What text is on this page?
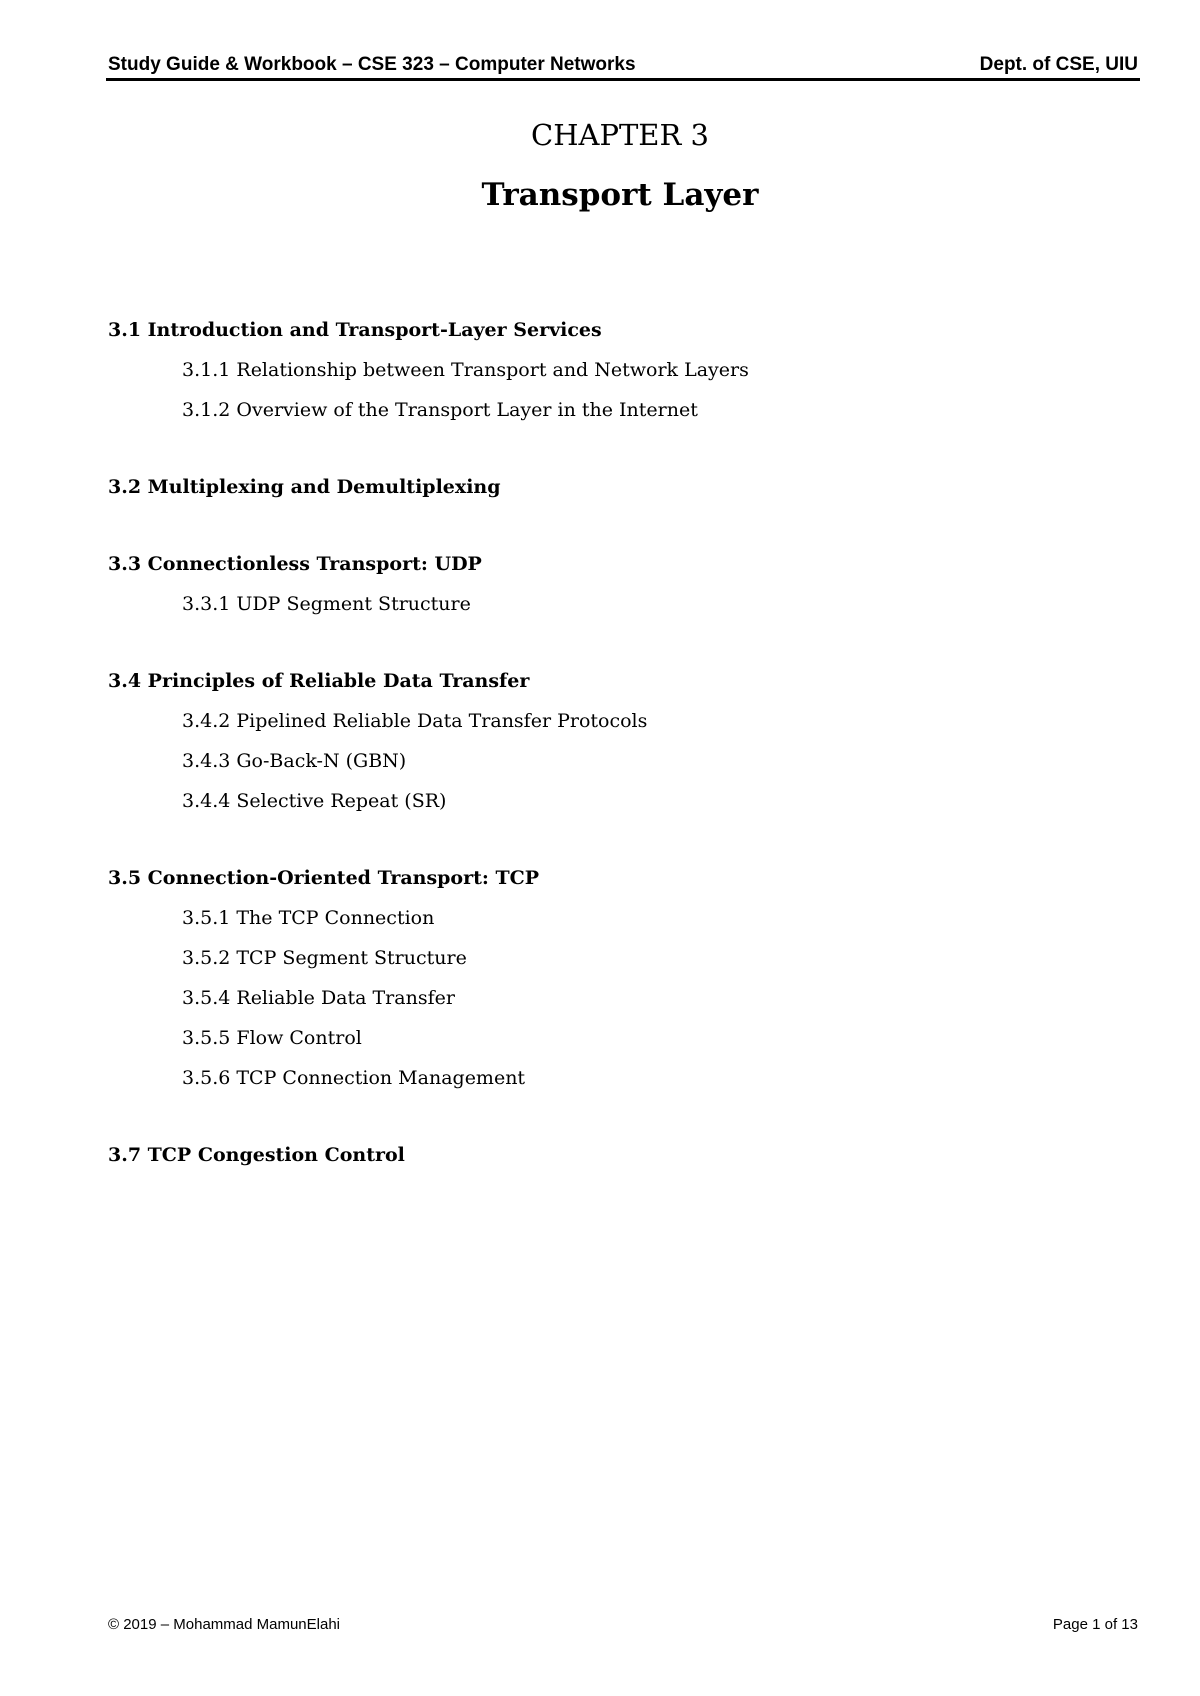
Study Guide & Workbook – CSE 323 – Computer Networks	Dept. of CSE, UIU
CHAPTER 3
Transport Layer
3.1 Introduction and Transport-Layer Services
3.1.1 Relationship between Transport and Network Layers
3.1.2 Overview of the Transport Layer in the Internet
3.2 Multiplexing and Demultiplexing
3.3 Connectionless Transport: UDP
3.3.1 UDP Segment Structure
3.4 Principles of Reliable Data Transfer
3.4.2 Pipelined Reliable Data Transfer Protocols
3.4.3 Go-Back-N (GBN)
3.4.4 Selective Repeat (SR)
3.5 Connection-Oriented Transport: TCP
3.5.1 The TCP Connection
3.5.2 TCP Segment Structure
3.5.4 Reliable Data Transfer
3.5.5 Flow Control
3.5.6 TCP Connection Management
3.7 TCP Congestion Control
© 2019 – Mohammad MamunElahi	Page 1 of 13
